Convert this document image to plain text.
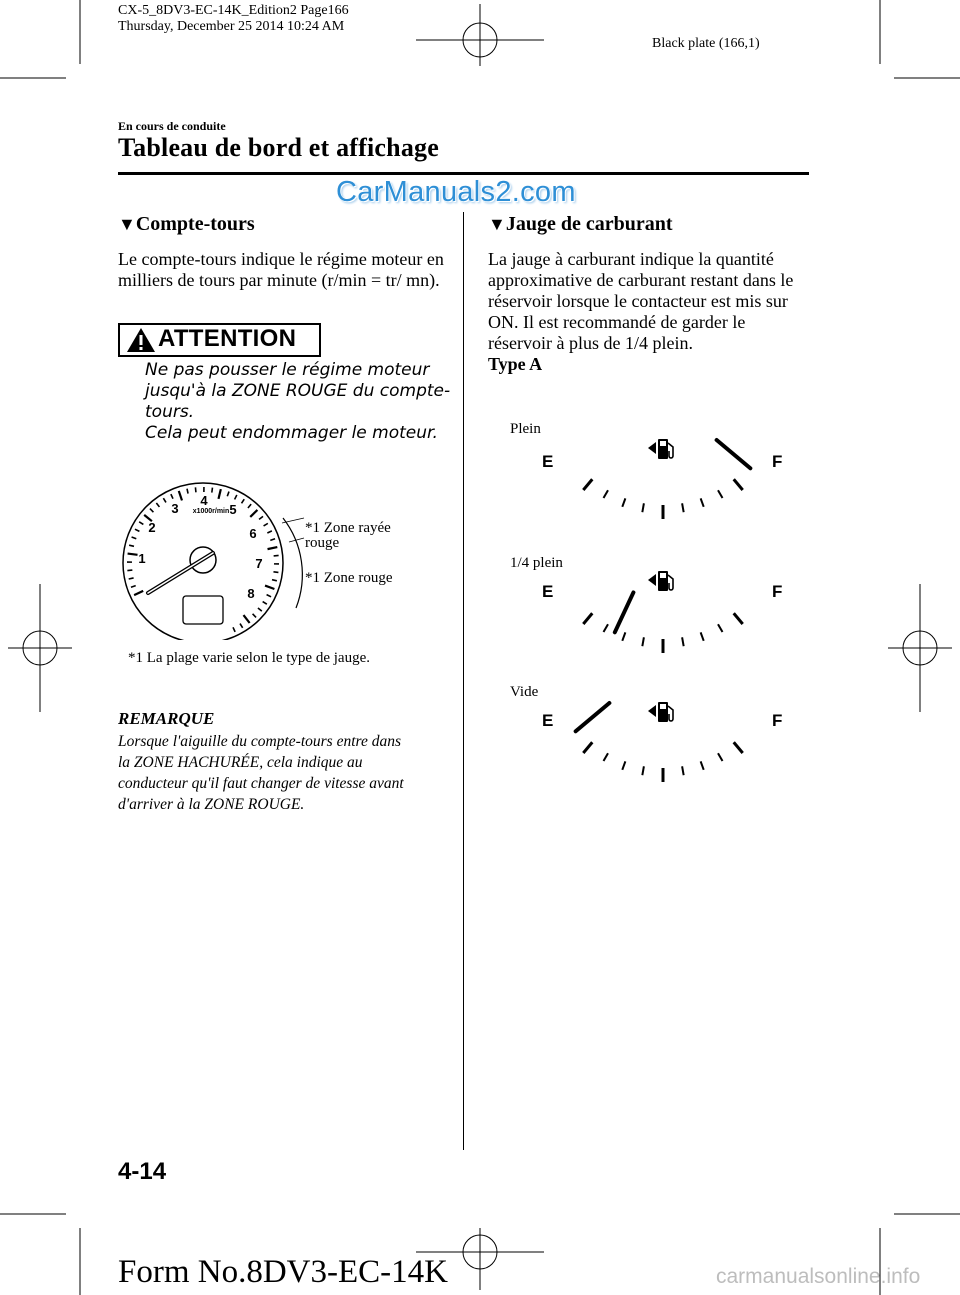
CX-5_8DV3-EC-14K_Edition2 Page166
Thursday, December 25 2014 10:24 AM
Black plate (166,1)
En cours de conduite
Tableau de bord et affichage
CarManuals2.com
▼Compte-tours
Le compte-tours indique le régime moteur en milliers de tours par minute (r/min = tr/ mn).
ATTENTION
Ne pas pousser le régime moteur
jusqu'à la ZONE ROUGE du compte-
tours.
Cela peut endommager le moteur.
1
2
3
4
5
6
7
8
x1000r/min
*1 Zone rayée
rouge
*1 Zone rouge
*1 La plage varie selon le type de jauge.
REMARQUE
Lorsque l'aiguille du compte-tours entre dans
la ZONE HACHURÉE, cela indique au
conducteur qu'il faut changer de vitesse avant
d'arriver à la ZONE ROUGE.
▼Jauge de carburant
La jauge à carburant indique la quantité
approximative de carburant restant dans le
réservoir lorsque le contacteur est mis sur
ON. Il est recommandé de garder le
réservoir à plus de 1/4 plein.
Type A
Plein
E	F
1/4 plein
E	F
Vide
E	F
4-14
Form No.8DV3-EC-14K	carmanualsonline.info
